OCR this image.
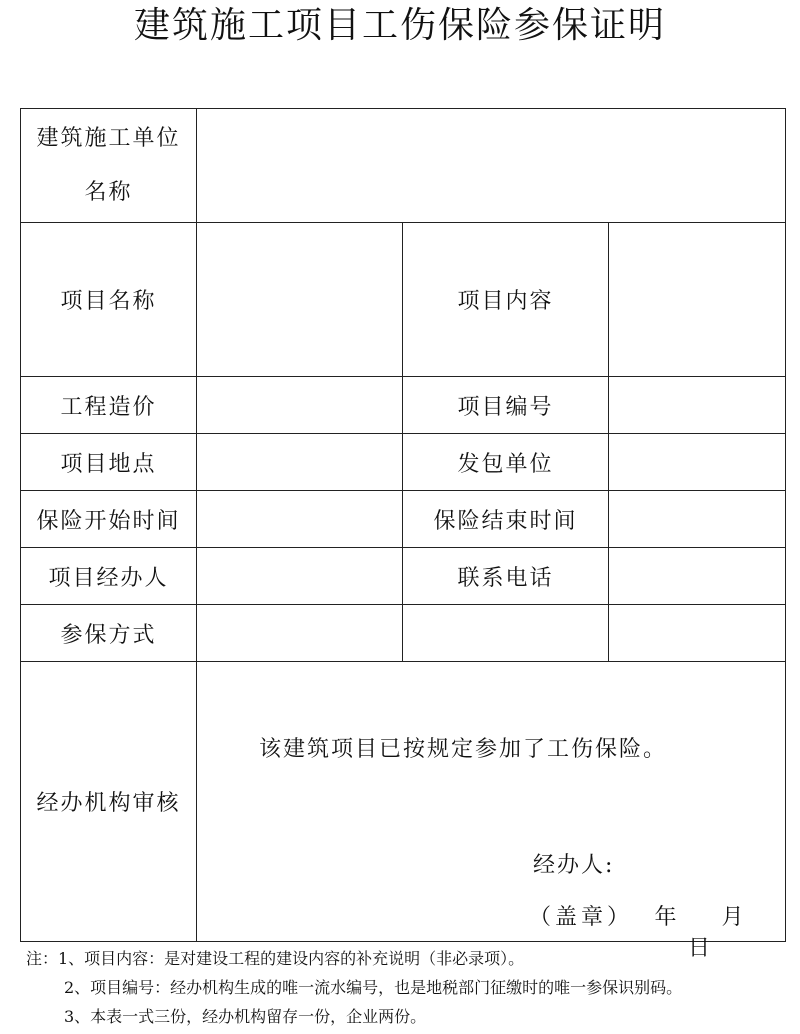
建筑施工项目工伤保险参保证明
建筑施工单位
名称			

项目名称		项目内容	
工程造价		项目编号	
项目地点		发包单位	
保险开始时间		保险结束时间	
项目经办人		联系电话	
参保方式			
经办机构审核	该建筑项目已按规定参加了工伤保险。
经办人:
（盖章） 年 月 日		
注：1、项目内容：是对建设工程的建设内容的补充说明（非必录项）。
2、项目编号：经办机构生成的唯一流水编号，也是地税部门征缴时的唯一参保识别码。
3、本表一式三份，经办机构留存一份，企业两份。
